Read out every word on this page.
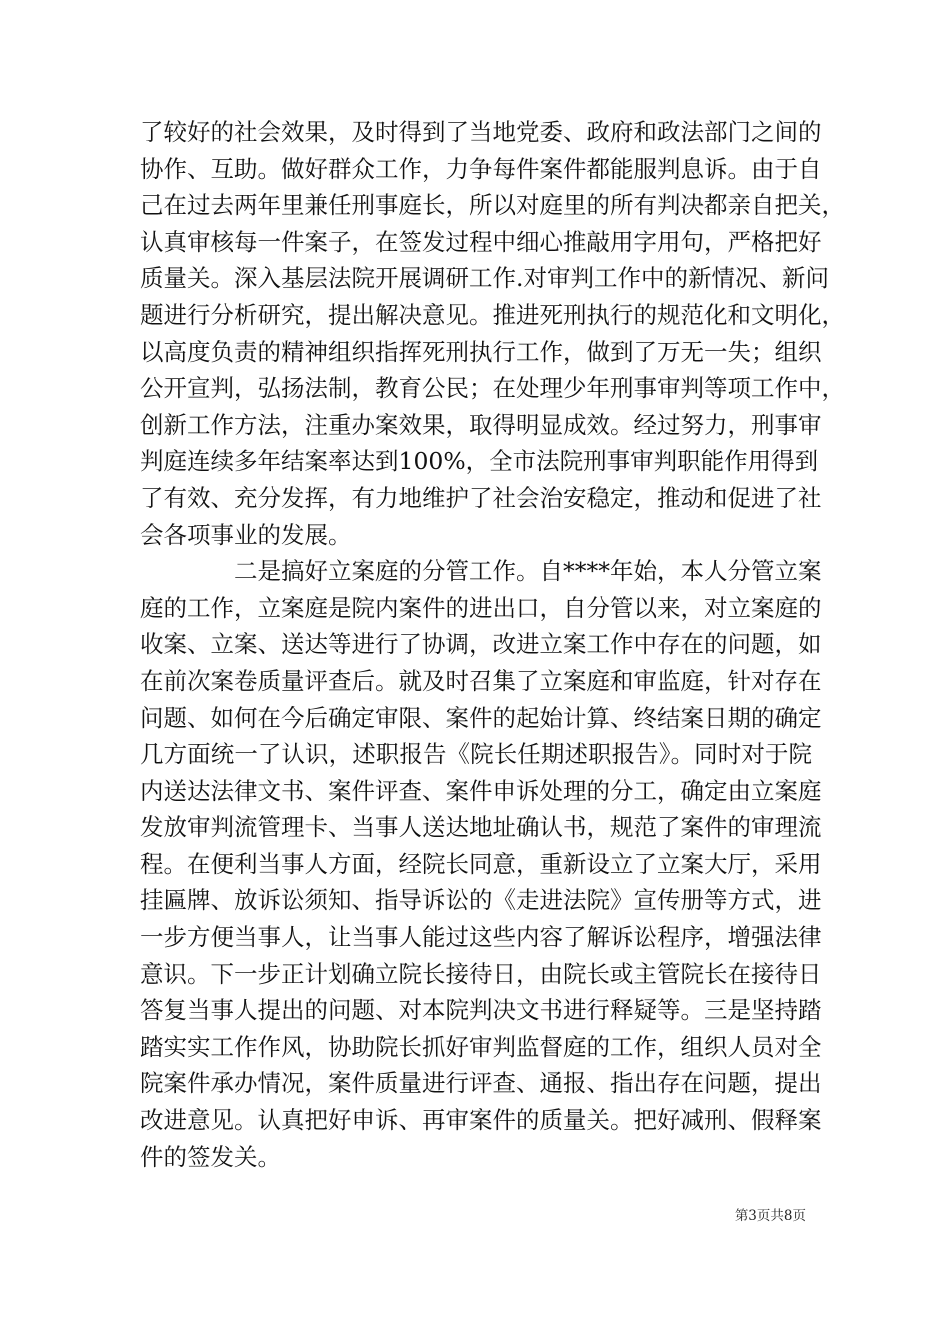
了较好的社会效果，及时得到了当地党委、政府和政法部门之间的
协作、互助。做好群众工作，力争每件案件都能服判息诉。由于自
己在过去两年里兼任刑事庭长，所以对庭里的所有判决都亲自把关，
认真审核每一件案子，在签发过程中细心推敲用字用句，严格把好
质量关。深入基层法院开展调研工作.对审判工作中的新情况、新问
题进行分析研究，提出解决意见。推进死刑执行的规范化和文明化，
以高度负责的精神组织指挥死刑执行工作，做到了万无一失；组织
公开宣判，弘扬法制，教育公民；在处理少年刑事审判等项工作中，
创新工作方法，注重办案效果，取得明显成效。经过努力，刑事审
判庭连续多年结案率达到100%，全市法院刑事审判职能作用得到
了有效、充分发挥，有力地维护了社会治安稳定，推动和促进了社
会各项事业的发展。
二是搞好立案庭的分管工作。自****年始，本人分管立案
庭的工作，立案庭是院内案件的进出口，自分管以来，对立案庭的
收案、立案、送达等进行了协调，改进立案工作中存在的问题，如
在前次案卷质量评查后。就及时召集了立案庭和审监庭，针对存在
问题、如何在今后确定审限、案件的起始计算、终结案日期的确定
几方面统一了认识，述职报告《院长任期述职报告》。同时对于院
内送达法律文书、案件评查、案件申诉处理的分工，确定由立案庭
发放审判流管理卡、当事人送达地址确认书，规范了案件的审理流
程。在便利当事人方面，经院长同意，重新设立了立案大厅，采用
挂匾牌、放诉讼须知、指导诉讼的《走进法院》宣传册等方式，进
一步方便当事人，让当事人能过这些内容了解诉讼程序，增强法律
意识。下一步正计划确立院长接待日，由院长或主管院长在接待日
答复当事人提出的问题、对本院判决文书进行释疑等。三是坚持踏
踏实实工作作风，协助院长抓好审判监督庭的工作，组织人员对全
院案件承办情况，案件质量进行评查、通报、指出存在问题，提出
改进意见。认真把好申诉、再审案件的质量关。把好减刑、假释案
件的签发关。
第3页共8页
